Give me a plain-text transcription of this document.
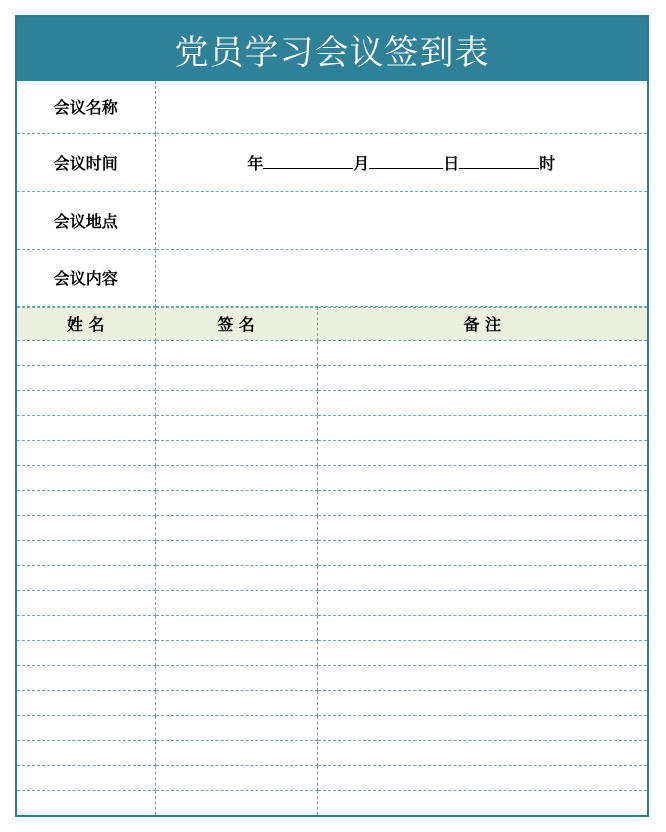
党员学习会议签到表
会议名称	
会议时间	年 月 日 时
会议地点	
会议内容	
姓 名	签 名	备 注
